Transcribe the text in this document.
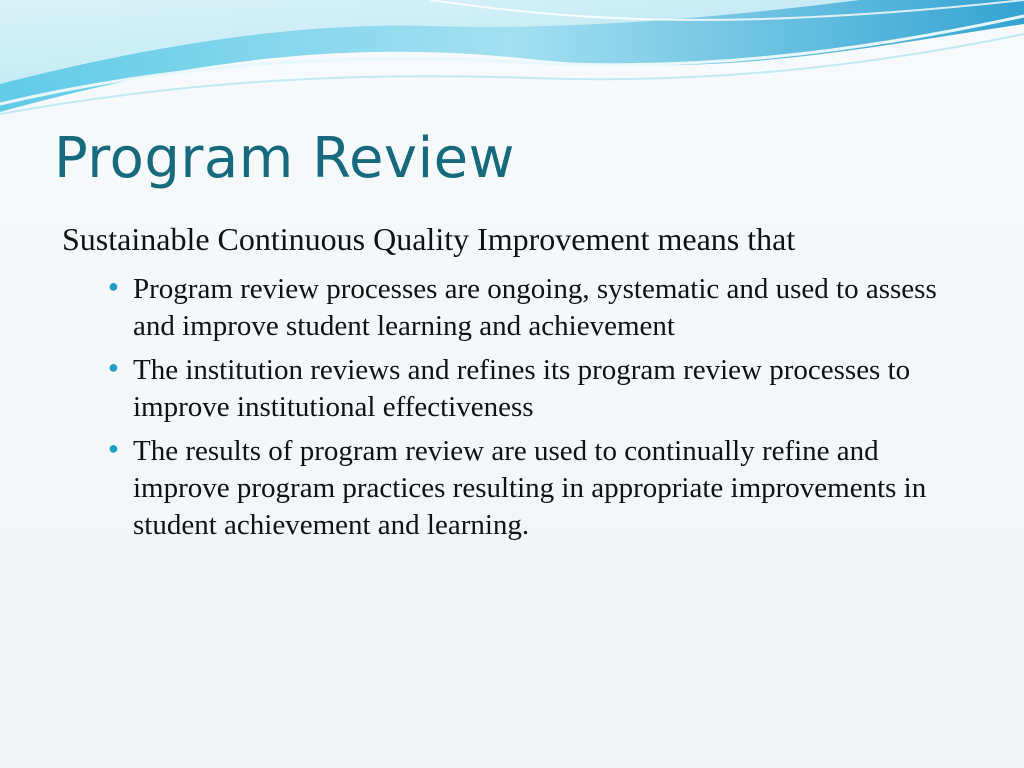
Program Review

Sustainable Continuous Quality Improvement means that

● Program review processes are ongoing, systematic and used to assess and improve student learning and achievement
● The institution reviews and refines its program review processes to improve institutional effectiveness
● The results of program review are used to continually refine and improve program practices resulting in appropriate improvements in student achievement and learning.
